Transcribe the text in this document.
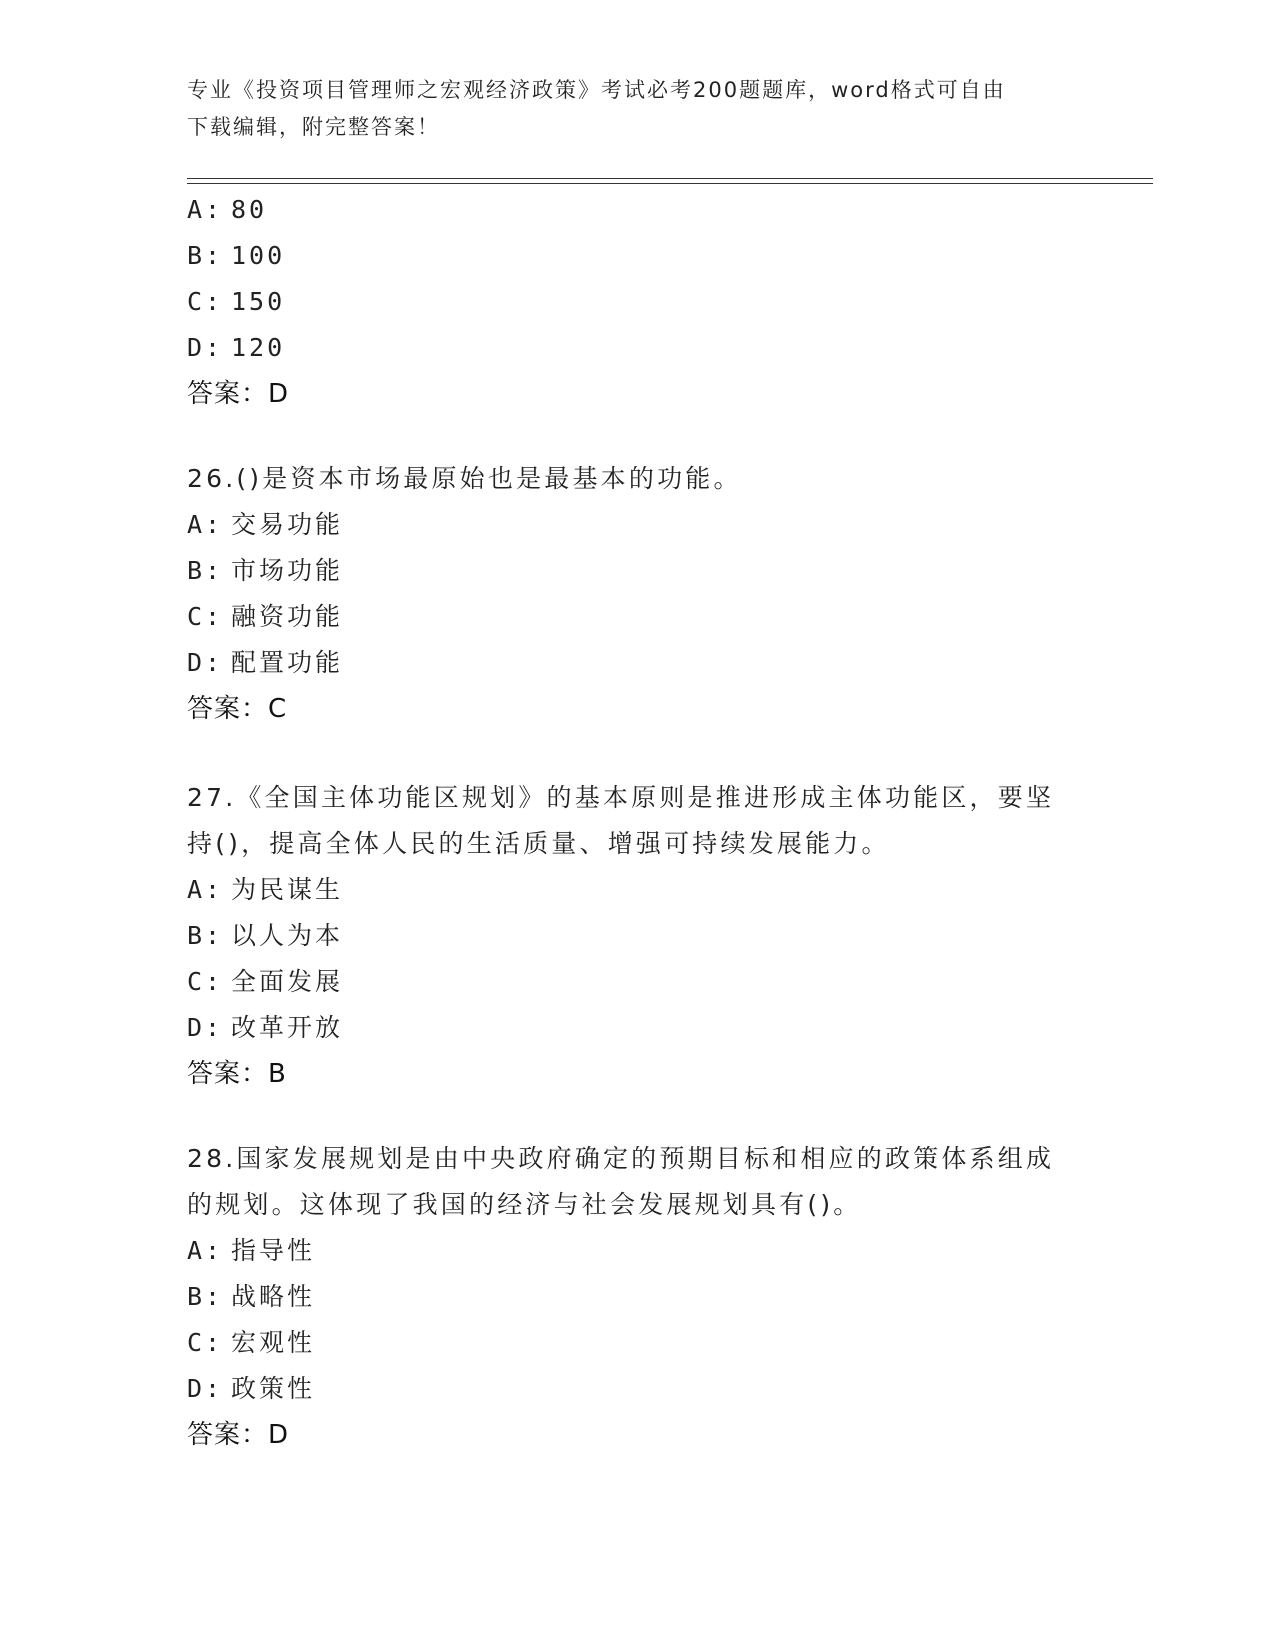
专业《投资项目管理师之宏观经济政策》考试必考200题题库，word格式可自由
下载编辑，附完整答案！
A: 80
B: 100
C: 150
D: 120
答案：D
26.()是资本市场最原始也是最基本的功能。
A: 交易功能
B: 市场功能
C: 融资功能
D: 配置功能
答案：C
27.《全国主体功能区规划》的基本原则是推进形成主体功能区，要坚
持()，提高全体人民的生活质量、增强可持续发展能力。
A: 为民谋生
B: 以人为本
C: 全面发展
D: 改革开放
答案：B
28.国家发展规划是由中央政府确定的预期目标和相应的政策体系组成
的规划。这体现了我国的经济与社会发展规划具有()。
A: 指导性
B: 战略性
C: 宏观性
D: 政策性
答案：D
